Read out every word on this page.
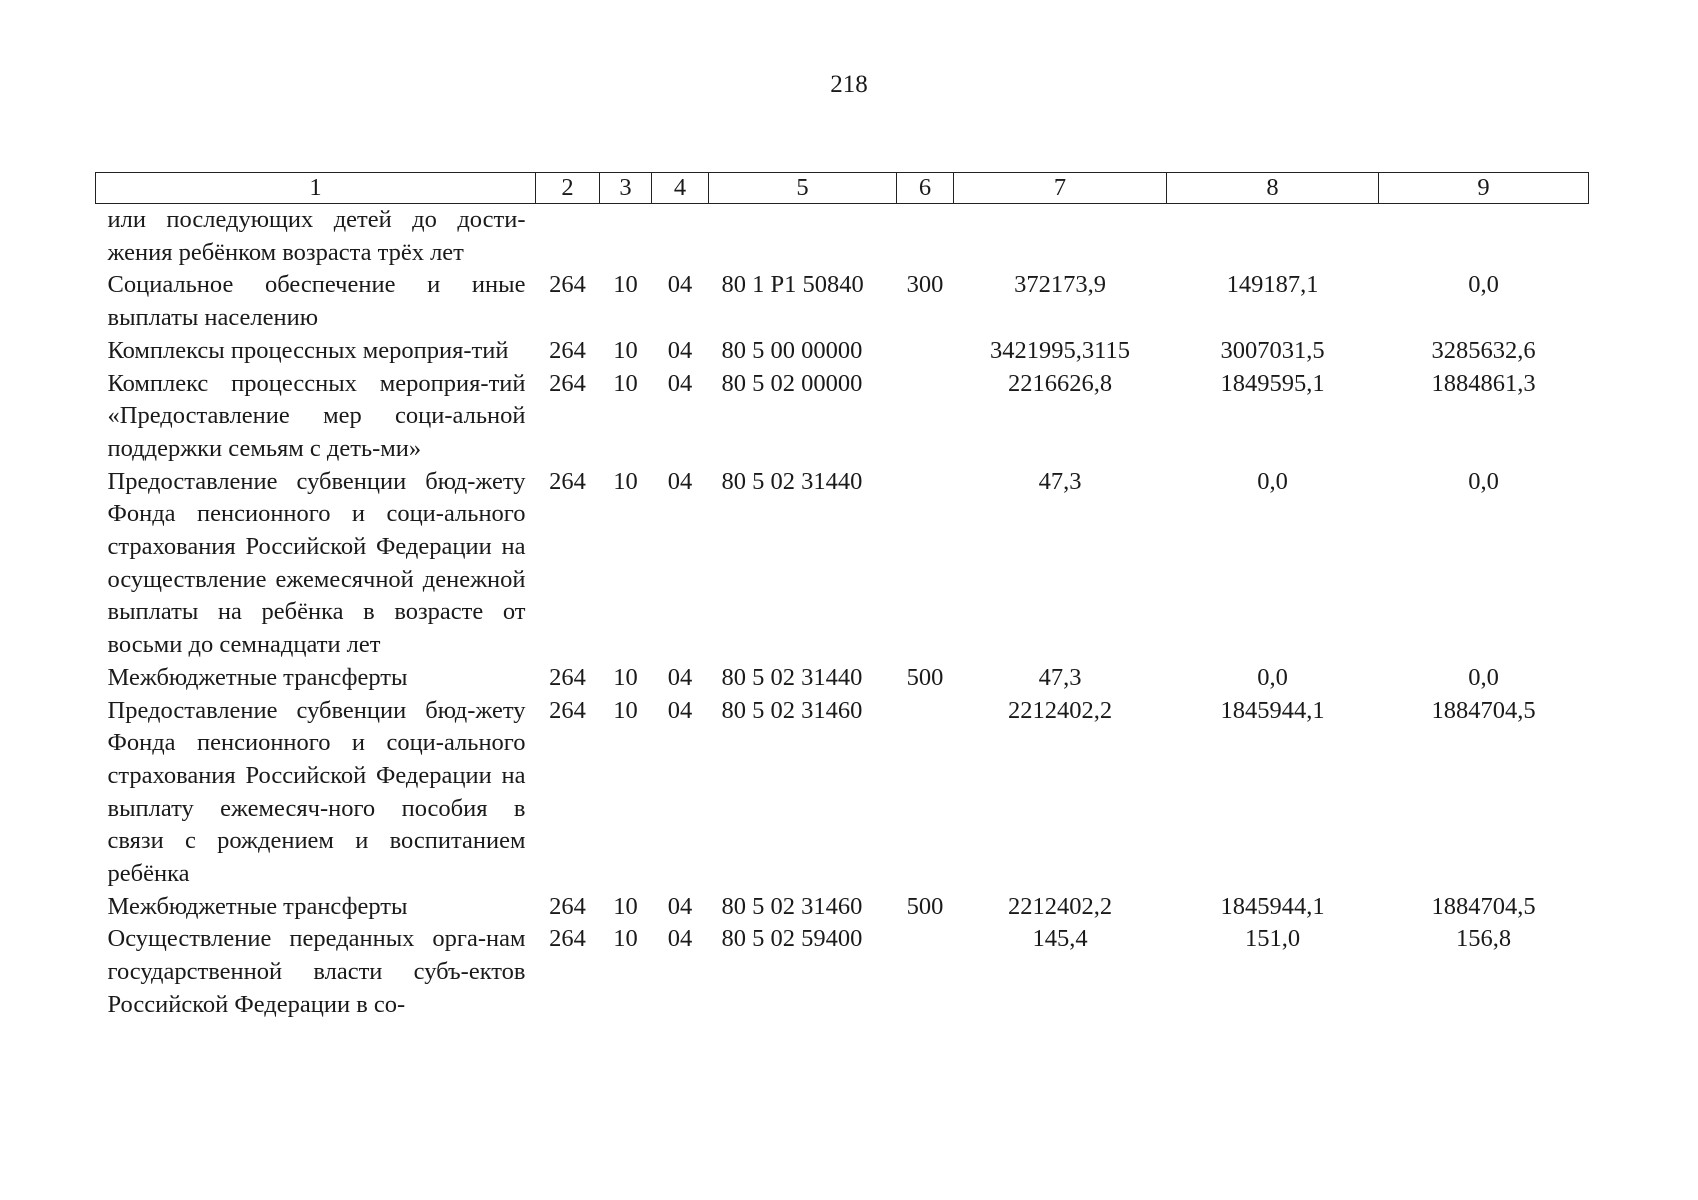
218
1	2	3	4	5	6	7	8	9
или последующих детей до дости-жения ребёнком возраста трёх лет								
Социальное обеспечение и иные выплаты населению	264	10	04	80 1 Р1 50840	300	372173,9	149187,1	0,0
Комплексы процессных мероприя-тий	264	10	04	80 5 00 00000		3421995,3115	3007031,5	3285632,6
Комплекс процессных мероприя-тий «Предоставление мер соци-альной поддержки семьям с деть-ми»	264	10	04	80 5 02 00000		2216626,8	1849595,1	1884861,3
Предоставление субвенции бюд-жету Фонда пенсионного и соци-ального страхования Российской Федерации на осуществление ежемесячной денежной выплаты на ребёнка в возрасте от восьми до семнадцати лет	264	10	04	80 5 02 31440		47,3	0,0	0,0
Межбюджетные трансферты	264	10	04	80 5 02 31440	500	47,3	0,0	0,0
Предоставление субвенции бюд-жету Фонда пенсионного и соци-ального страхования Российской Федерации на выплату ежемесяч-ного пособия в связи с рождением и воспитанием ребёнка	264	10	04	80 5 02 31460		2212402,2	1845944,1	1884704,5
Межбюджетные трансферты	264	10	04	80 5 02 31460	500	2212402,2	1845944,1	1884704,5
Осуществление переданных орга-нам государственной власти субъ-ектов Российской Федерации в со-	264	10	04	80 5 02 59400		145,4	151,0	156,8
